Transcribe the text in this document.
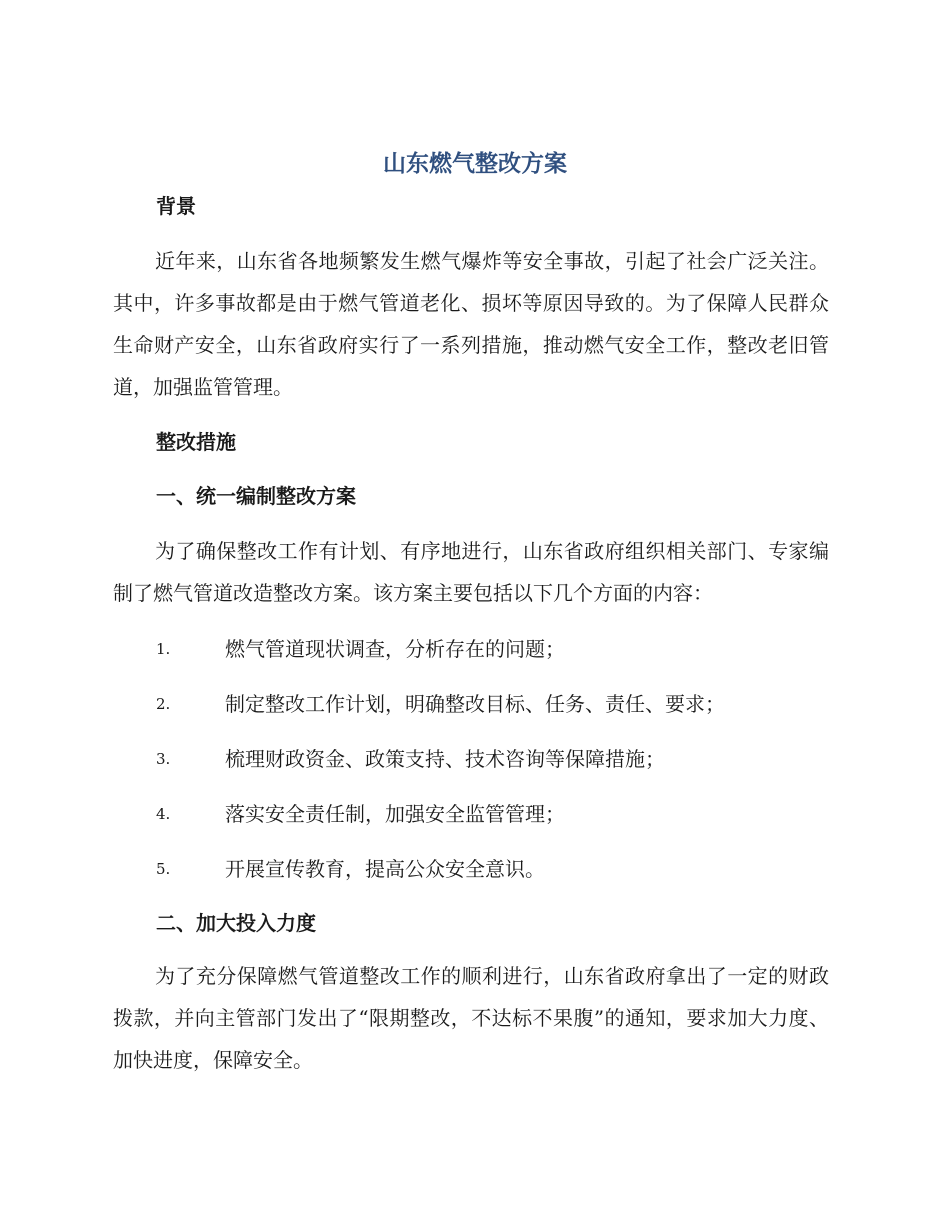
山东燃气整改方案
背景
近年来，山东省各地频繁发生燃气爆炸等安全事故，引起了社会广泛关注。其中，许多事故都是由于燃气管道老化、损坏等原因导致的。为了保障人民群众生命财产安全，山东省政府实行了一系列措施，推动燃气安全工作，整改老旧管道，加强监管管理。
整改措施
一、统一编制整改方案
为了确保整改工作有计划、有序地进行，山东省政府组织相关部门、专家编制了燃气管道改造整改方案。该方案主要包括以下几个方面的内容：
1.	燃气管道现状调查，分析存在的问题；
2.	制定整改工作计划，明确整改目标、任务、责任、要求；
3.	梳理财政资金、政策支持、技术咨询等保障措施；
4.	落实安全责任制，加强安全监管管理；
5.	开展宣传教育，提高公众安全意识。
二、加大投入力度
为了充分保障燃气管道整改工作的顺利进行，山东省政府拿出了一定的财政拨款，并向主管部门发出了“限期整改，不达标不果腹”的通知，要求加大力度、加快进度，保障安全。
